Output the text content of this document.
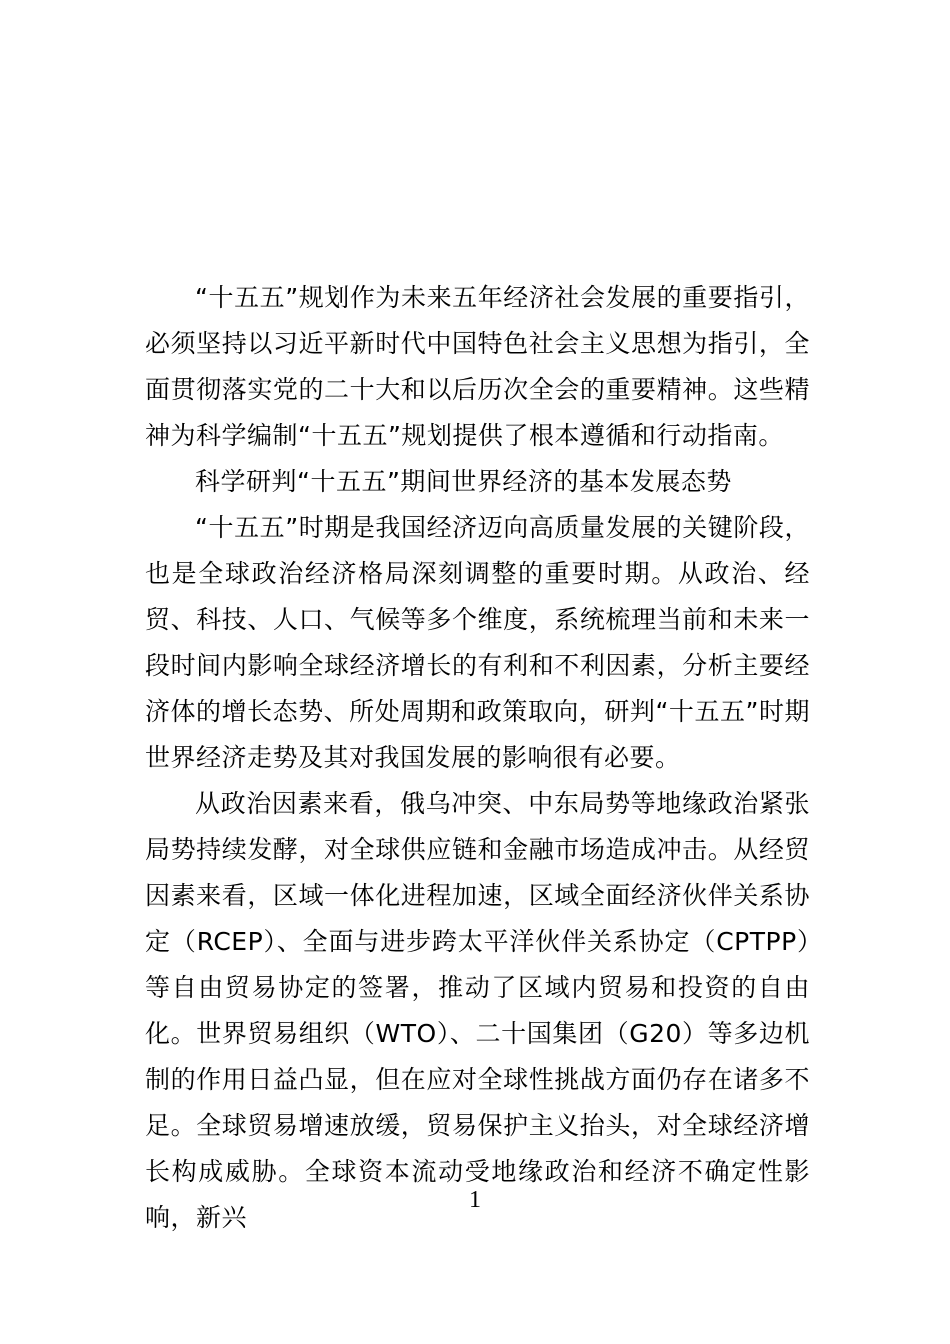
“十五五”规划作为未来五年经济社会发展的重要指引，必须坚持以习近平新时代中国特色社会主义思想为指引，全面贯彻落实党的二十大和以后历次全会的重要精神。这些精神为科学编制“十五五”规划提供了根本遵循和行动指南。

科学研判“十五五”期间世界经济的基本发展态势

“十五五”时期是我国经济迈向高质量发展的关键阶段，也是全球政治经济格局深刻调整的重要时期。从政治、经贸、科技、人口、气候等多个维度，系统梳理当前和未来一段时间内影响全球经济增长的有利和不利因素，分析主要经济体的增长态势、所处周期和政策取向，研判“十五五”时期世界经济走势及其对我国发展的影响很有必要。

从政治因素来看，俄乌冲突、中东局势等地缘政治紧张局势持续发酵，对全球供应链和金融市场造成冲击。从经贸因素来看，区域一体化进程加速，区域全面经济伙伴关系协定（RCEP）、全面与进步跨太平洋伙伴关系协定（CPTPP）等自由贸易协定的签署，推动了区域内贸易和投资的自由化。世界贸易组织（WTO）、二十国集团（G20）等多边机制的作用日益凸显，但在应对全球性挑战方面仍存在诸多不足。全球贸易增速放缓，贸易保护主义抬头，对全球经济增长构成威胁。全球资本流动受地缘政治和经济不确定性影响，新兴

1
